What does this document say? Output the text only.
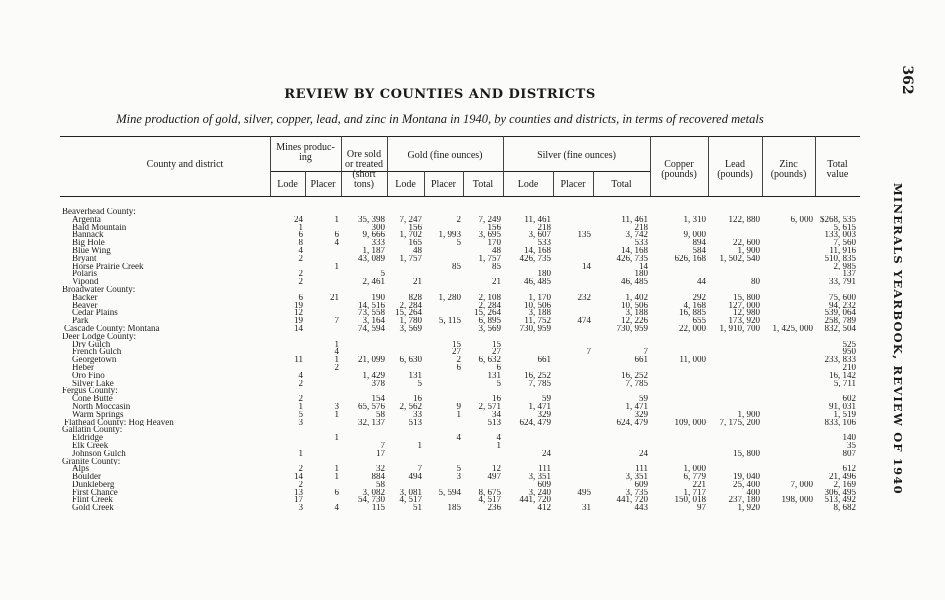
REVIEW BY COUNTIES AND DISTRICTS
Mine production of gold, silver, copper, lead, and zinc in Montana in 1940, by counties and districts, in terms of recovered metals
362
MINERALS YEARBOOK, REVIEW OF 1940
County and district
Mines produc-
ing
Lode	Placer
Ore sold
or treated
(short
tons)
Gold (fine ounces)
Lode	Placer	Total
Silver (fine ounces)
Lode	Placer	Total
Copper
(pounds)
Lead
(pounds)
Zinc
(pounds)
Total
value
Beaverhead County:													
Argenta	24	1	35, 398	7, 247	2	7, 249	11, 461		11, 461	1, 310	122, 880	6, 000	$268, 535
Bald Mountain	1		300	156		156	218		218				5, 615
Bannack	6	6	9, 666	1, 702	1, 993	3, 695	3, 607	135	3, 742	9, 000			133, 003
Big Hole	8	4	333	165	5	170	533		533	894	22, 600		7, 560
Blue Wing	4		1, 187	48		48	14, 168		14, 168	584	1, 900		11, 916
Bryant	2		43, 089	1, 757		1, 757	426, 735		426, 735	626, 168	1, 502, 540		510, 835
Horse Prairie Creek		1			85	85		14	14				2, 985
Polaris	2		5				180		180				137
Vipond	2		2, 461	21		21	46, 485		46, 485	44	80		33, 791
Broadwater County:													
Backer	6	21	190	828	1, 280	2, 108	1, 170	232	1, 402	292	15, 800		75, 600
Beaver	19		14, 516	2, 284		2, 284	10, 506		10, 506	4, 168	127, 000		94, 232
Cedar Plains	12		73, 558	15, 264		15, 264	3, 188		3, 188	16, 885	12, 980		539, 064
Park	19	7	3, 164	1, 780	5, 115	6, 895	11, 752	474	12, 226	655	173, 920		258, 789
Cascade County: Montana	14		74, 594	3, 569		3, 569	730, 959		730, 959	22, 000	1, 910, 700	1, 425, 000	832, 504
Deer Lodge County:													
Dry Gulch		1			15	15							525
French Gulch		4			27	27		7	7				950
Georgetown	11	1	21, 099	6, 630	2	6, 632	661		661	11, 000			233, 833
Heber		2			6	6							210
Oro Fino	4		1, 429	131		131	16, 252		16, 252				16, 142
Silver Lake	2		378	5		5	7, 785		7, 785				5, 711
Fergus County:													
Cone Butte	2		154	16		16	59		59				602
North Moccasin	1	3	65, 576	2, 562	9	2, 571	1, 471		1, 471				91, 031
Warm Springs	5	1	58	33	1	34	329		329		1, 900		1, 519
Flathead County: Hog Heaven	3		32, 137	513		513	624, 479		624, 479	109, 000	7, 175, 200		833, 106
Gallatin County:													
Eldridge		1			4	4							140
Elk Creek			7	1		1							35
Johnson Gulch	1		17				24		24		15, 800		807
Granite County:													
Alps	2	1	32	7	5	12	111		111	1, 000			612
Boulder	14	1	884	494	3	497	3, 351		3, 351	6, 779	19, 040		21, 496
Dunkleberg	2		58				609		609	221	25, 400	7, 000	2, 169
First Chance	13	6	3, 082	3, 081	5, 594	8, 675	3, 240	495	3, 735	1, 717	400		306, 495
Flint Creek	17		54, 730	4, 517		4, 517	441, 720		441, 720	150, 018	237, 180	198, 000	513, 492
Gold Creek	3	4	115	51	185	236	412	31	443	97	1, 920		8, 682
